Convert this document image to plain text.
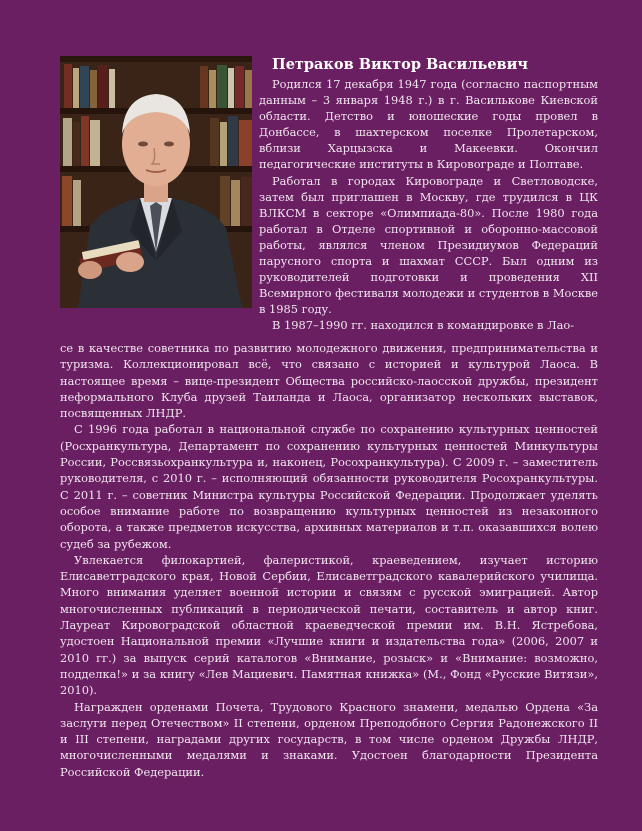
Петраков Виктор Васильевич

Родился 17 декабря 1947 года (согласно паспортным данным – 3 января 1948 г.) в г. Василькове Киевской области. Детство и юношеские годы провел в Донбассе, в шахтерском поселке Пролетарском, вблизи Харцызска и Макеевки. Окончил педагогические институты в Кировограде и Полтаве.

Работал в городах Кировограде и Светловодске, затем был приглашен в Москву, где трудился в ЦК ВЛКСМ в секторе «Олимпиада-80». После 1980 года работал в Отделе спортивной и оборонно-массовой работы, являлся членом Президиумов Федераций парусного спорта и шахмат СССР. Был одним из руководителей подготовки и проведения XII Всемирного фестиваля молодежи и студентов в Москве в 1985 году.

В 1987–1990 гг. находился в командировке в Лао-

се в качестве советника по развитию молодежного движения, предпринимательства и туризма. Коллекционировал всё, что связано с историей и культурой Лаоса. В настоящее время – вице-президент Общества российско-лаосской дружбы, президент неформального Клуба друзей Таиланда и Лаоса, организатор нескольких выставок, посвященных ЛНДР.

С 1996 года работал в национальной службе по сохранению культурных ценностей (Росхранкультура, Департамент по сохранению культурных ценностей Минкультуры России, Россвязьохранкультура и, наконец, Росохранкультура). С 2009 г. – заместитель руководителя, с 2010 г. – исполняющий обязанности руководителя Росохранкультуры. С 2011 г. – советник Министра культуры Российской Федерации. Продолжает уделять особое внимание работе по возвращению культурных ценностей из незаконного оборота, а также предметов искусства, архивных материалов и т.п. оказавшихся волею судеб за рубежом.

Увлекается филокартией, фалеристикой, краеведением, изучает историю Елисаветградского края, Новой Сербии, Елисаветградского кавалерийского училища. Много внимания уделяет военной истории и связям с русской эмиграцией. Автор многочисленных публикаций в периодической печати, составитель и автор книг. Лауреат Кировоградской областной краеведческой премии им. В.Н. Ястребова, удостоен Национальной премии «Лучшие книги и издательства года» (2006, 2007 и 2010 гг.) за выпуск серий каталогов «Внимание, розыск» и «Внимание: возможно, подделка!» и за книгу «Лев Мациевич. Памятная книжка» (М., Фонд «Русские Витязи», 2010).

Награжден орденами Почета, Трудового Красного знамени, медалью Ордена «За заслуги перед Отечеством» II степени, орденом Преподобного Сергия Радонежского II и III степени, наградами других государств, в том числе орденом Дружбы ЛНДР, многочисленными медалями и знаками. Удостоен благодарности Президента Российской Федерации.
